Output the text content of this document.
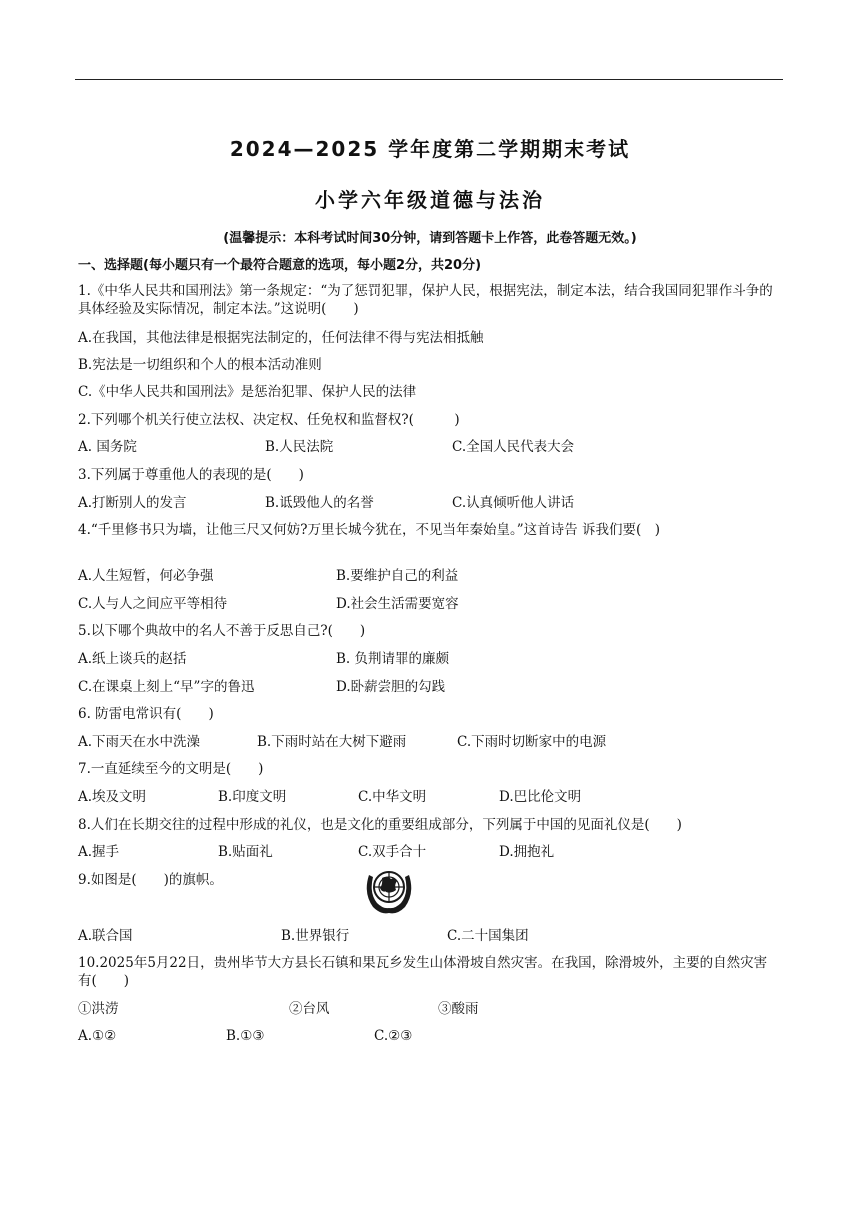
2024—2025 学年度第二学期期末考试
小学六年级道德与法治
(温馨提示：本科考试时间30分钟，请到答题卡上作答，此卷答题无效。)
一、选择题(每小题只有一个最符合题意的选项，每小题2分，共20分)
1.《中华人民共和国刑法》第一条规定：“为了惩罚犯罪，保护人民，根据宪法，制定本法，结合我国同犯罪作斗争的具体经验及实际情况，制定本法。”这说明(　　)
A.在我国，其他法律是根据宪法制定的，任何法律不得与宪法相抵触
B.宪法是一切组织和个人的根本活动准则
C.《中华人民共和国刑法》是惩治犯罪、保护人民的法律
2.下列哪个机关行使立法权、决定权、任免权和监督权?(　　　)
A. 国务院	B.人民法院	C.全国人民代表大会
3.下列属于尊重他人的表现的是(　　)
A.打断别人的发言	B.诋毁他人的名誉	C.认真倾听他人讲话
4.“千里修书只为墙，让他三尺又何妨?万里长城今犹在，不见当年秦始皇。”这首诗告 诉我们要(　)
A.人生短暂，何必争强	B.要维护自己的利益
C.人与人之间应平等相待	D.社会生活需要宽容
5.以下哪个典故中的名人不善于反思自己?(　　)
A.纸上谈兵的赵括	B. 负荆请罪的廉颇
C.在课桌上刻上“早”字的鲁迅	D.卧薪尝胆的勾践
6. 防雷电常识有(　　)
A.下雨天在水中洗澡	B.下雨时站在大树下避雨	C.下雨时切断家中的电源
7.一直延续至今的文明是(　　)
A.埃及文明	B.印度文明	C.中华文明	D.巴比伦文明
8.人们在长期交往的过程中形成的礼仪，也是文化的重要组成部分，下列属于中国的见面礼仪是(　　)
A.握手	B.贴面礼	C.双手合十	D.拥抱礼
9.如图是(　　)的旗帜。
A.联合国	B.世界银行	C.二十国集团
10.2025年5月22日，贵州毕节大方县长石镇和果瓦乡发生山体滑坡自然灾害。在我国，除滑坡外，主要的自然灾害有(　　)
①洪涝	②台风	③酸雨
A.①②	B.①③	C.②③
